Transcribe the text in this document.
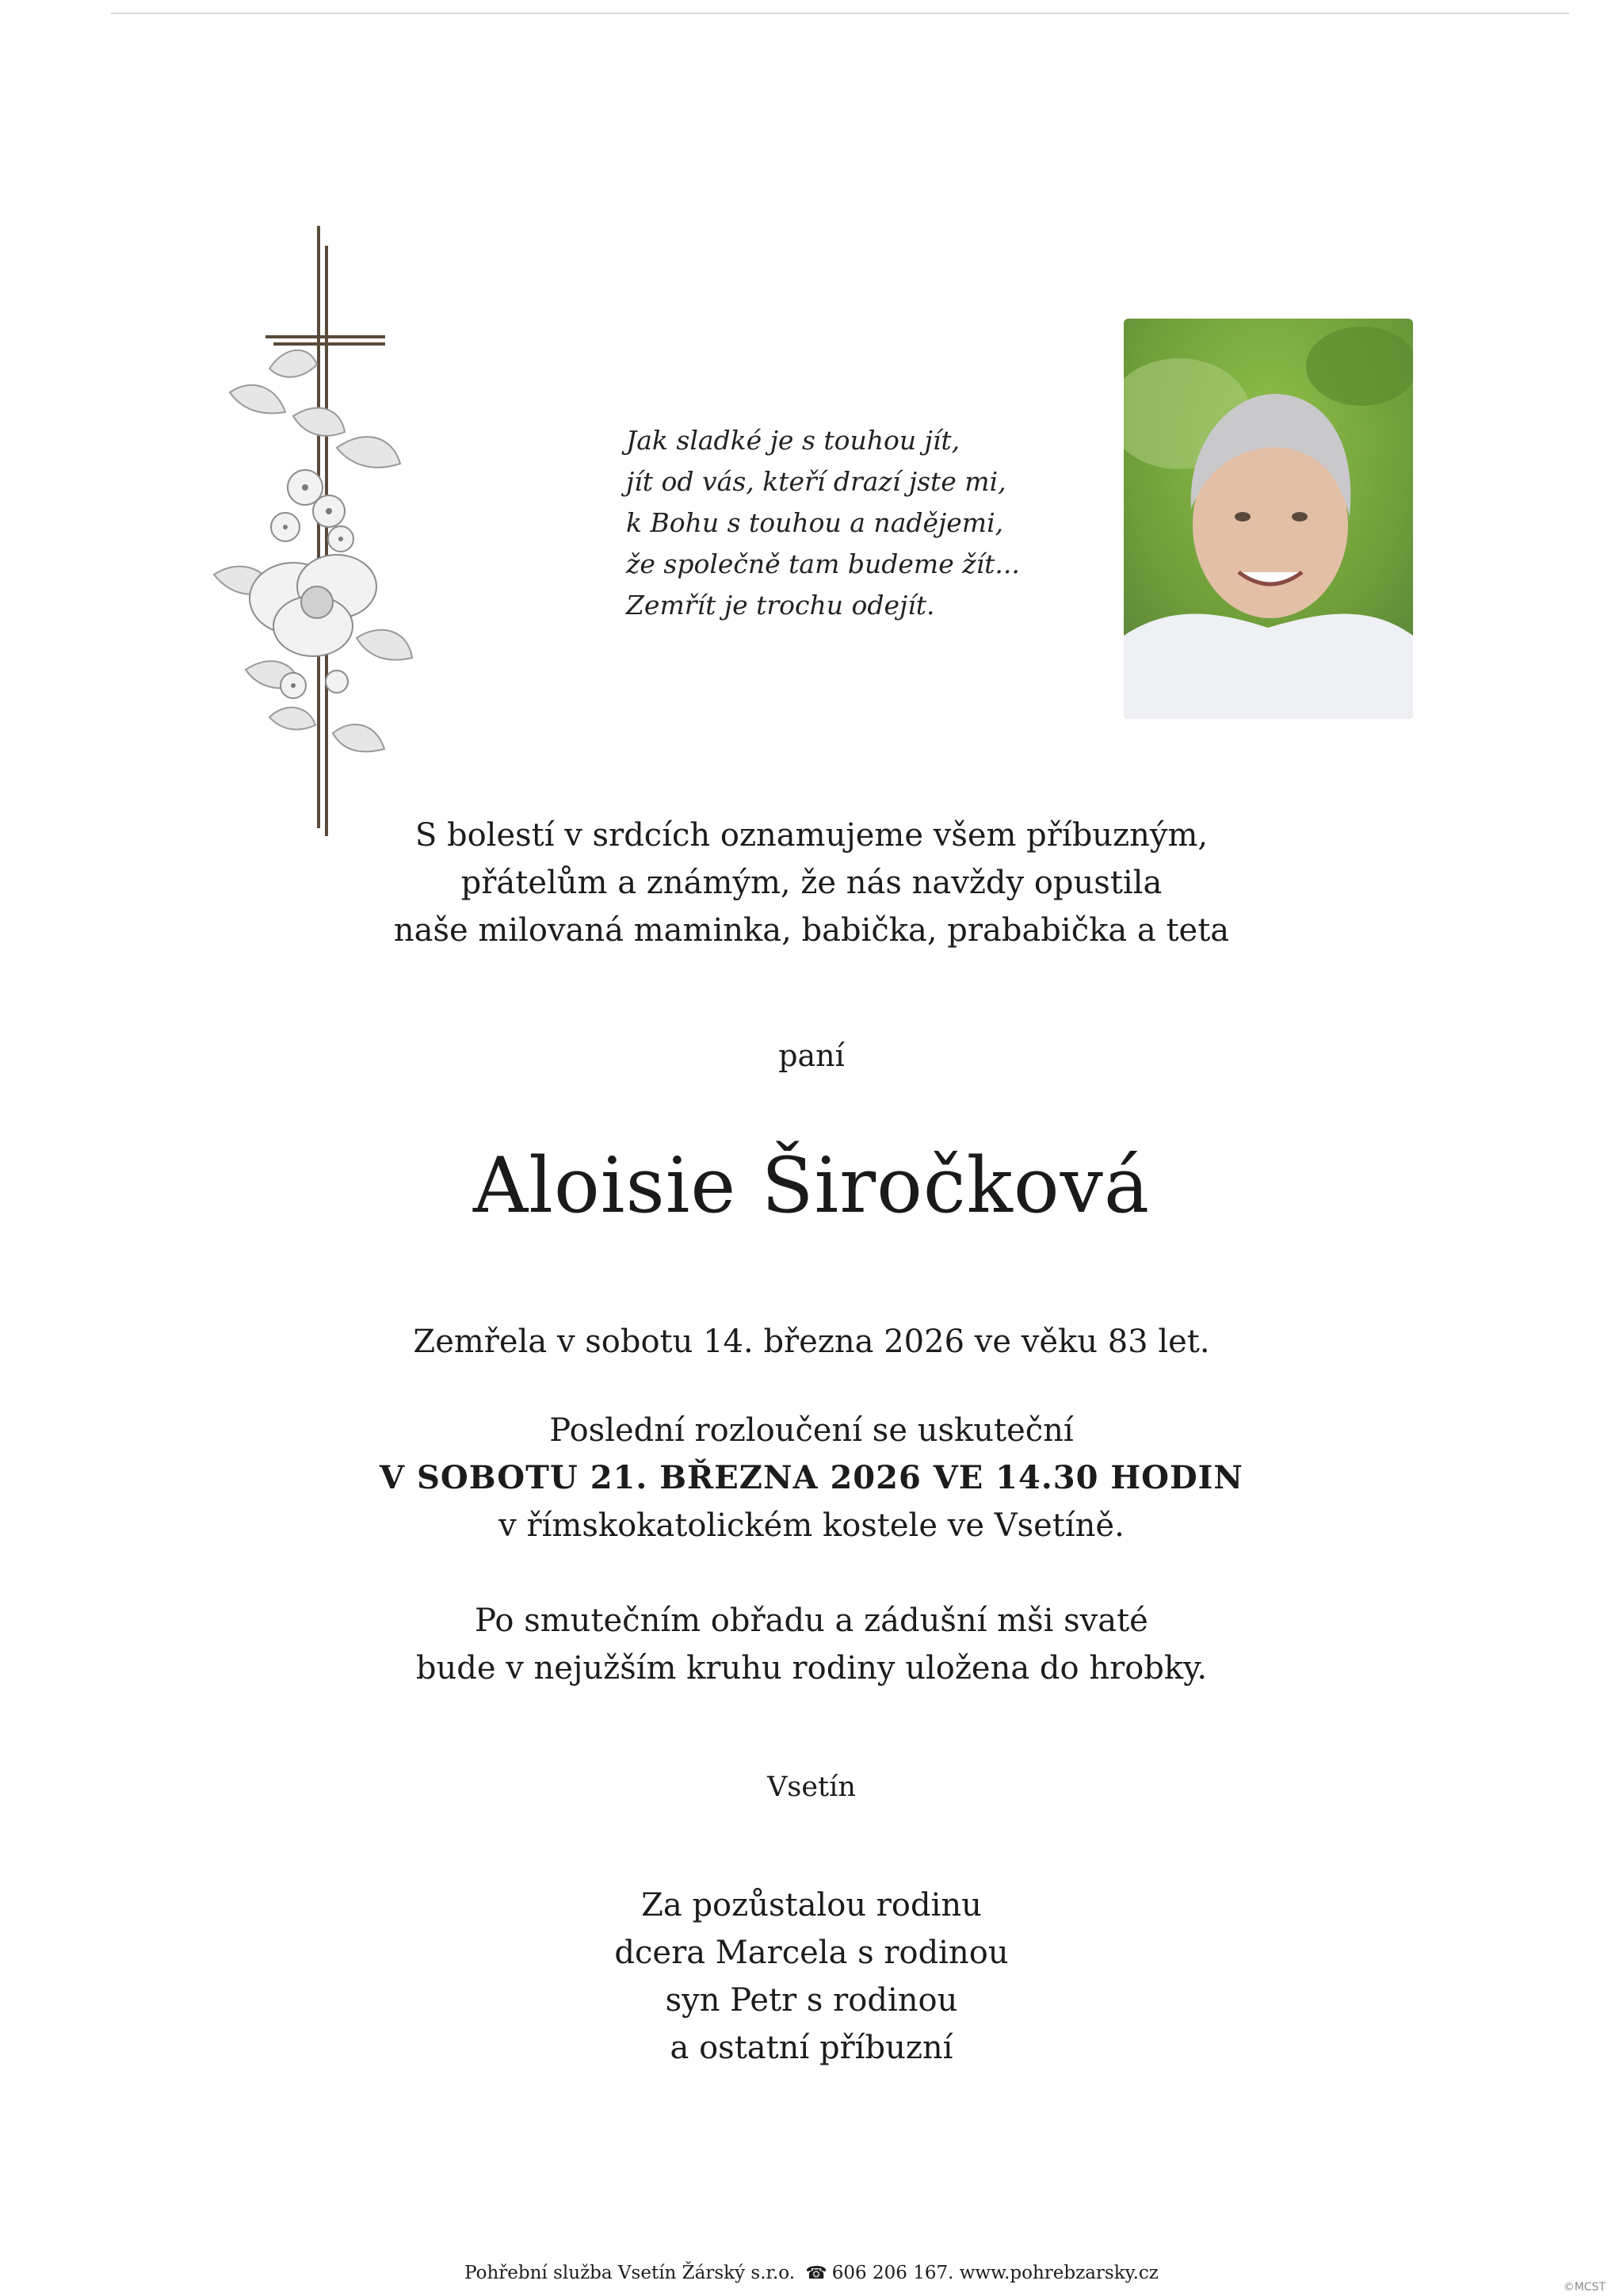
Jak sladké je s touhou jít,
jít od vás, kteří drazí jste mi,
k Bohu s touhou a nadějemi,
že společně tam budeme žít...
Zemřít je trochu odejít.
S bolestí v srdcích oznamujeme všem příbuzným,
přátelům a známým, že nás navždy opustila
naše milovaná maminka, babička, prababička a teta
paní
Aloisie Širočková
Zemřela v sobotu 14. března 2026 ve věku 83 let.
Poslední rozloučení se uskuteční
V SOBOTU 21. BŘEZNA 2026 VE 14.30 HODIN
v římskokatolickém kostele ve Vsetíně.
Po smutečním obřadu a zádušní mši svaté
bude v nejužším kruhu rodiny uložena do hrobky.
Vsetín
Za pozůstalou rodinu
dcera Marcela s rodinou
syn Petr s rodinou
a ostatní příbuzní
Pohřební služba Vsetín Žárský s.r.o. ☎ 606 206 167. www.pohrebzarsky.cz
©MCST
